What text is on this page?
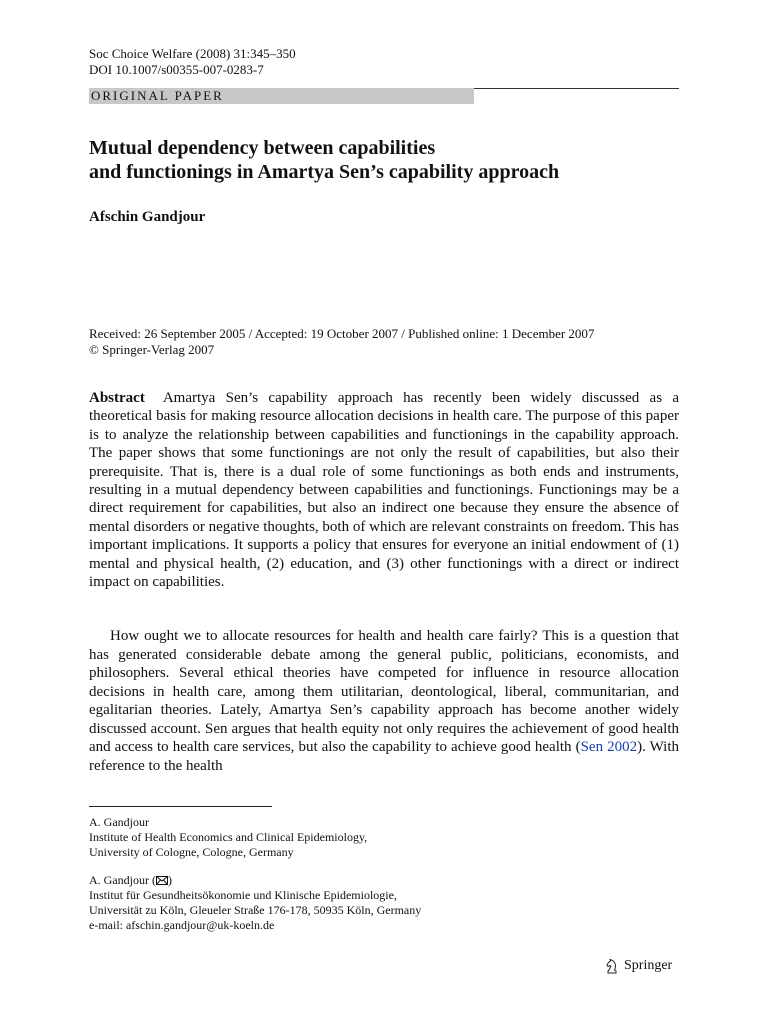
Soc Choice Welfare (2008) 31:345–350
DOI 10.1007/s00355-007-0283-7
ORIGINAL PAPER
Mutual dependency between capabilities
and functionings in Amartya Sen’s capability approach
Afschin Gandjour
Received: 26 September 2005 / Accepted: 19 October 2007 / Published online: 1 December 2007
© Springer-Verlag 2007

Abstract Amartya Sen’s capability approach has recently been widely discussed as a theoretical basis for making resource allocation decisions in health care. The purpose of this paper is to analyze the relationship between capabilities and functionings in the capability approach. The paper shows that some functionings are not only the result of capabilities, but also their prerequisite. That is, there is a dual role of some functionings as both ends and instruments, resulting in a mutual dependency between capabilities and functionings. Functionings may be a direct requirement for capabilities, but also an indirect one because they ensure the absence of mental disorders or negative thoughts, both of which are relevant constraints on freedom. This has important implications. It supports a policy that ensures for everyone an initial endowment of (1) mental and physical health, (2) education, and (3) other functionings with a direct or indirect impact on capabilities.

How ought we to allocate resources for health and health care fairly? This is a question that has generated considerable debate among the general public, politicians, economists, and philosophers. Several ethical theories have competed for influence in resource allocation decisions in health care, among them utilitarian, deontological, liberal, communitarian, and egalitarian theories. Lately, Amartya Sen’s capability approach has become another widely discussed account. Sen argues that health equity not only requires the achievement of good health and access to health care services, but also the capability to achieve good health (Sen 2002). With reference to the health

A. Gandjour
Institute of Health Economics and Clinical Epidemiology,
University of Cologne, Cologne, Germany
A. Gandjour ( )
Institut für Gesundheitsökonomie und Klinische Epidemiologie,
Universität zu Köln, Gleueler Straße 176-178, 50935 Köln, Germany
e-mail: afschin.gandjour@uk-koeln.de
Springer
